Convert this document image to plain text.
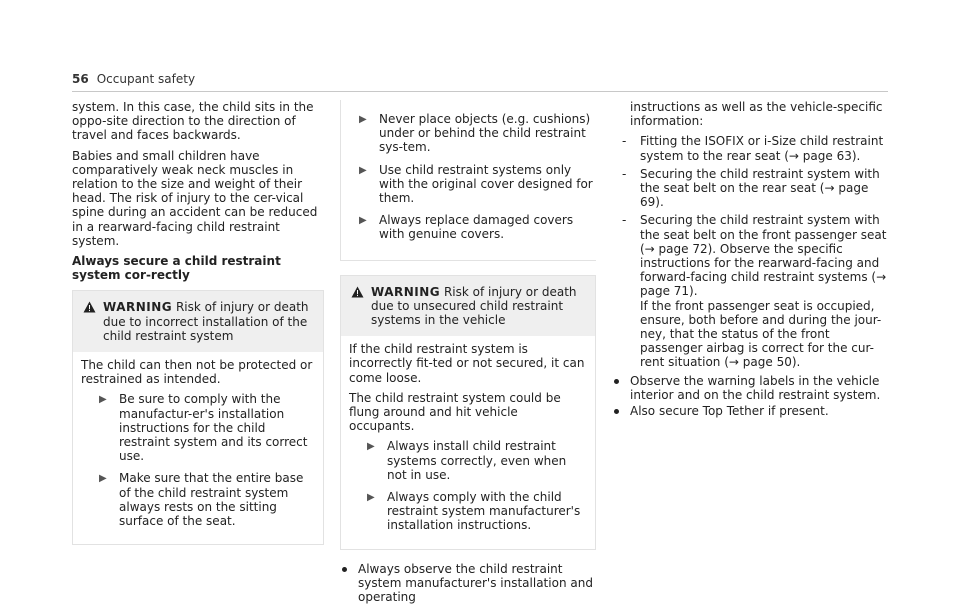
56 Occupant safety

system. In this case, the child sits in the oppo-site direction to the direction of travel and faces backwards.

Babies and small children have comparatively weak neck muscles in relation to the size and weight of their head. The risk of injury to the cer-vical spine during an accident can be reduced in a rearward-facing child restraint system.

Always secure a child restraint system cor-rectly

WARNING Risk of injury or death due to incorrect installation of the child restraint system

The child can then not be protected or restrained as intended.

▶ Be sure to comply with the manufactur-er's installation instructions for the child restraint system and its correct use.
▶ Make sure that the entire base of the child restraint system always rests on the sitting surface of the seat.
▶ Never place objects (e.g. cushions) under or behind the child restraint sys-tem.
▶ Use child restraint systems only with the original cover designed for them.
▶ Always replace damaged covers with genuine covers.
WARNING Risk of injury or death due to unsecured child restraint systems in the vehicle

If the child restraint system is incorrectly fit-ted or not secured, it can come loose.

The child restraint system could be flung around and hit vehicle occupants.

▶ Always install child restraint systems correctly, even when not in use.
▶ Always comply with the child restraint system manufacturer's installation instructions.
Always observe the child restraint system manufacturer's installation and operating

instructions as well as the vehicle-specific information:

- Fitting the ISOFIX or i-Size child restraint system to the rear seat (→ page 63).
- Securing the child restraint system with the seat belt on the rear seat (→ page 69).
- Securing the child restraint system with the seat belt on the front passenger seat (→ page 72). Observe the specific instructions for the rearward-facing and forward-facing child restraint systems (→ page 71).
If the front passenger seat is occupied, ensure, both before and during the jour-ney, that the status of the front passenger airbag is correct for the cur-rent situation (→ page 50).
Observe the warning labels in the vehicle interior and on the child restraint system.
Also secure Top Tether if present.
